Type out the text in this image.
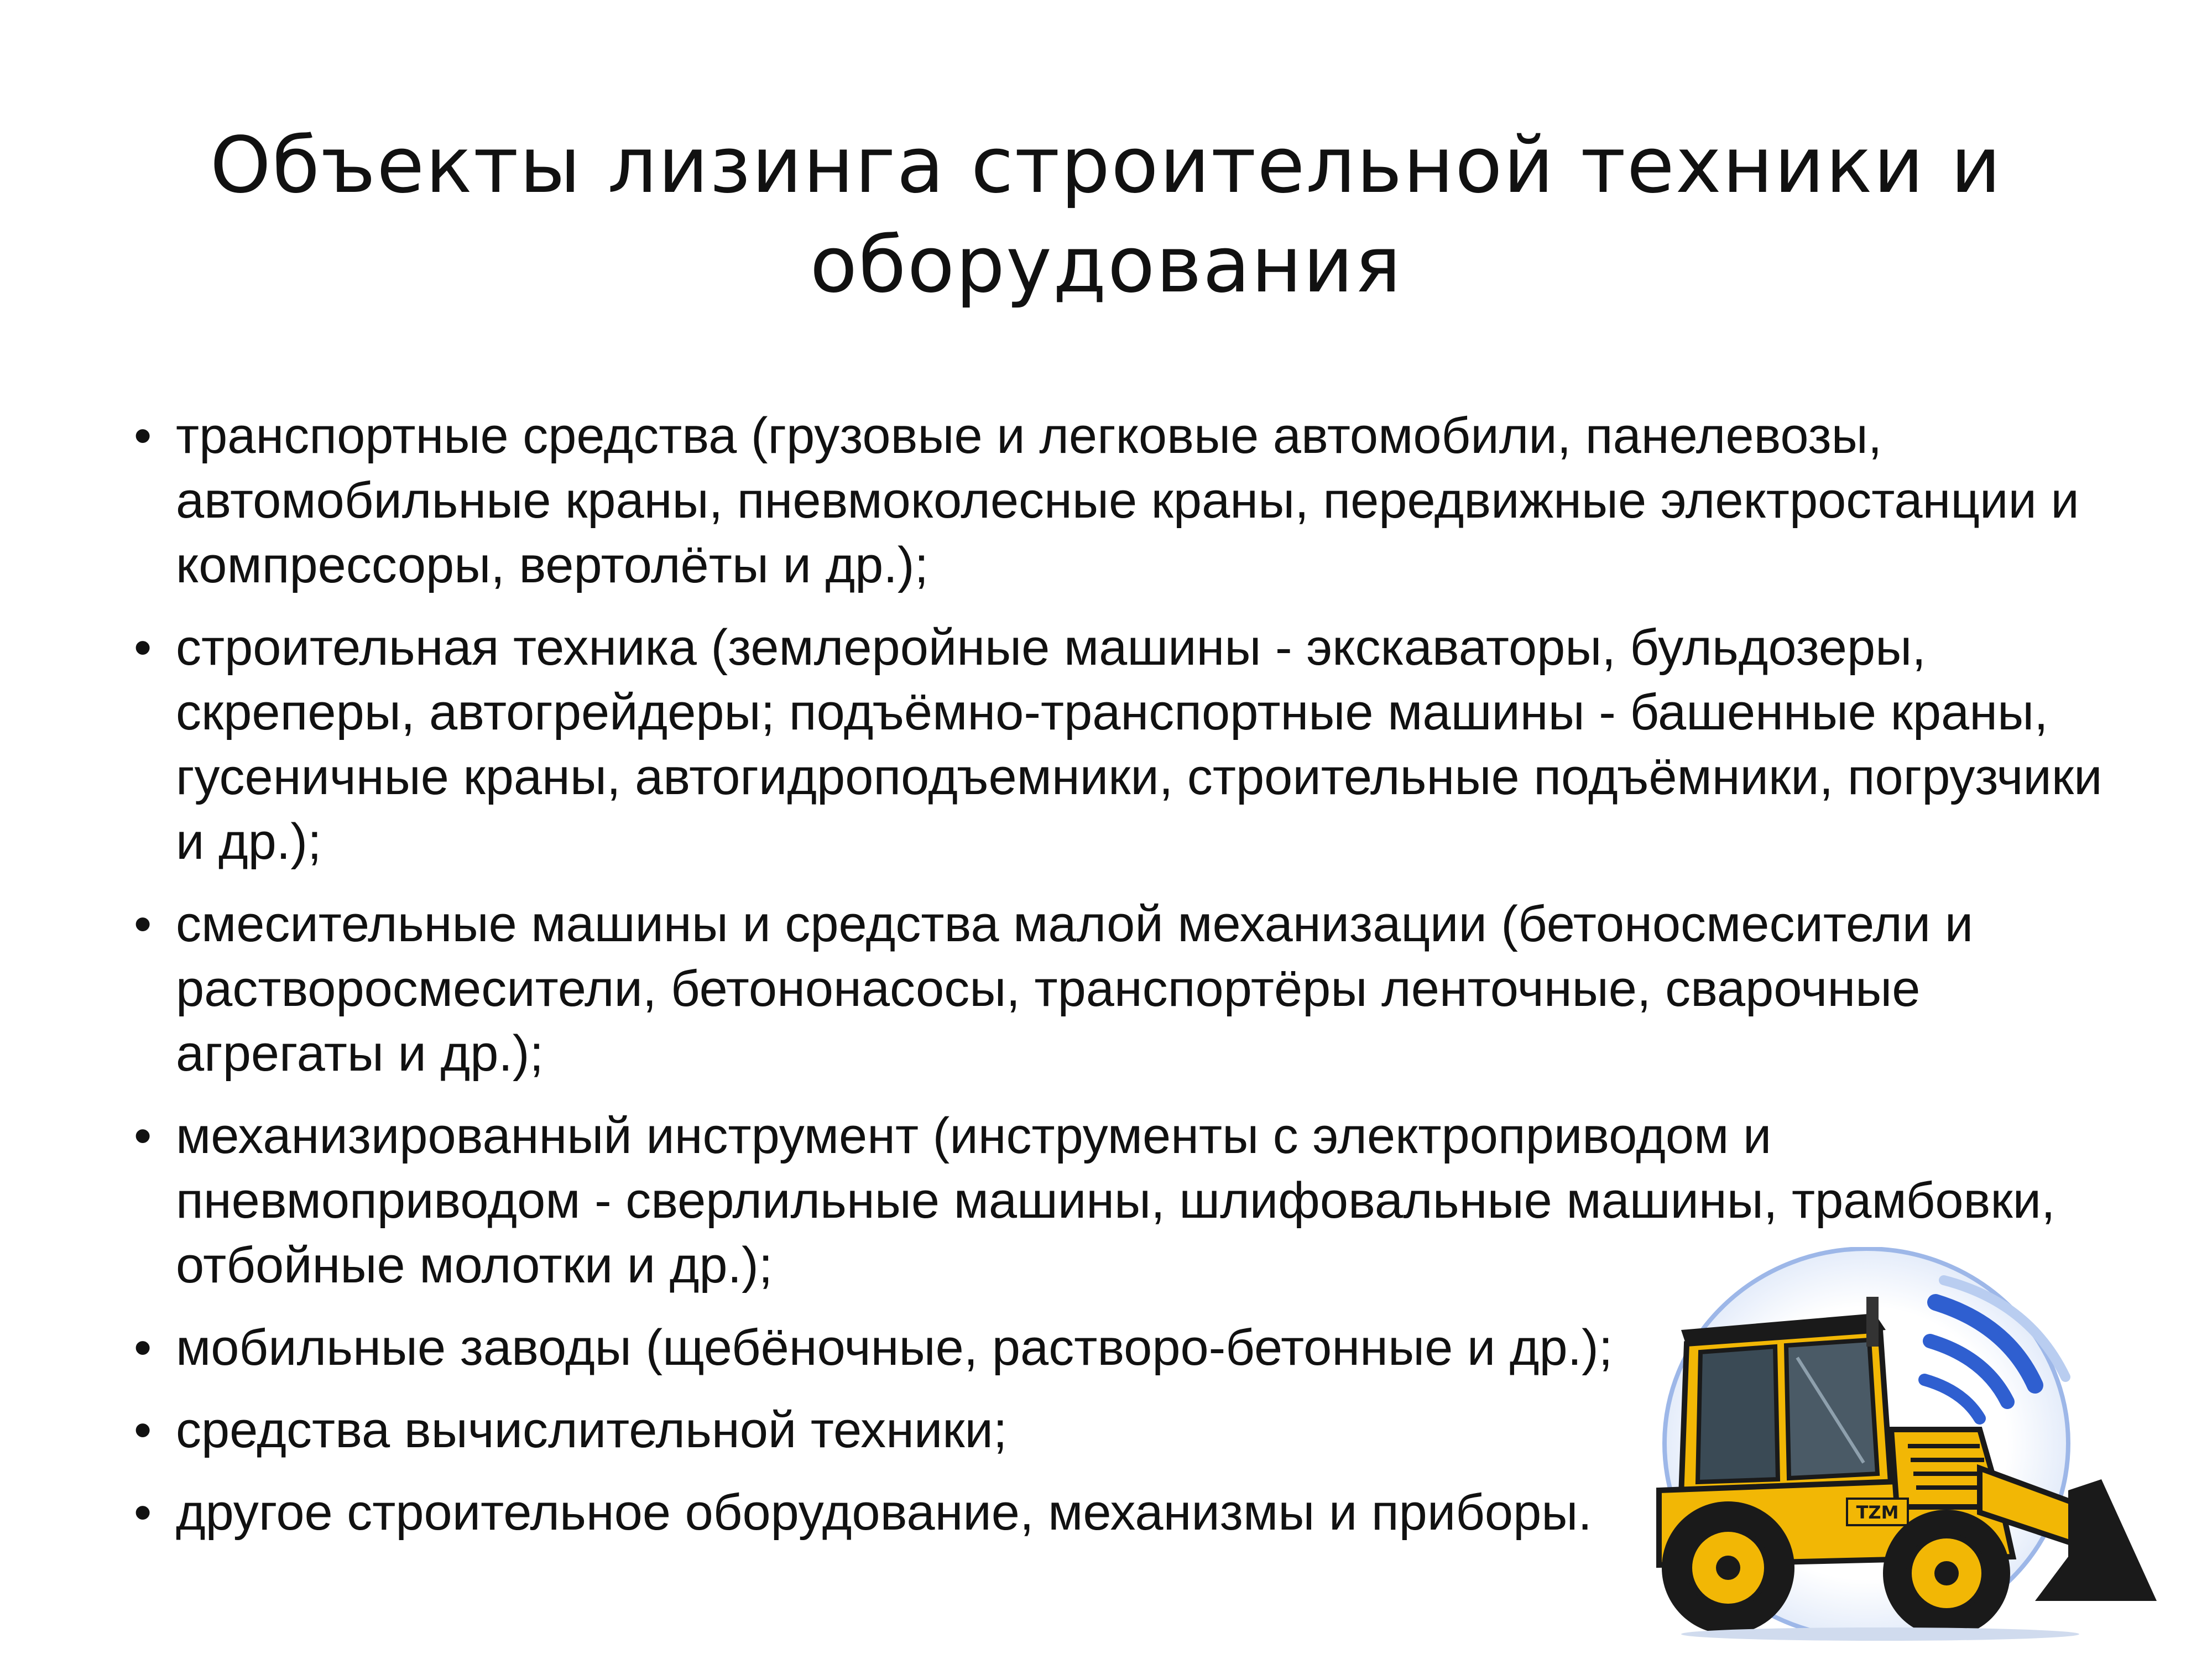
Объекты лизинга строительной техники и оборудования
• транспортные средства (грузовые и легковые автомобили, панелевозы, автомобильные краны, пневмоколесные краны, передвижные электростанции и компрессоры, вертолёты и др.);
• строительная техника (землеройные машины - экскаваторы, бульдозеры, скреперы, автогрейдеры; подъёмно-транспортные машины - башенные краны, гусеничные краны, автогидроподъемники, строительные подъёмники, погрузчики и др.);
• смесительные машины и средства малой механизации (бетоносмесители и растворосмесители, бетононасосы, транспортёры ленточные, сварочные агрегаты и др.);
• механизированный инструмент (инструменты с электроприводом и пневмоприводом - сверлильные машины, шлифовальные машины, трамбовки, отбойные молотки и др.);
• мобильные заводы (щебёночные, растворо-бетонные и др.);
• средства вычислительной техники;
• другое строительное оборудование, механизмы и приборы.	TZM
